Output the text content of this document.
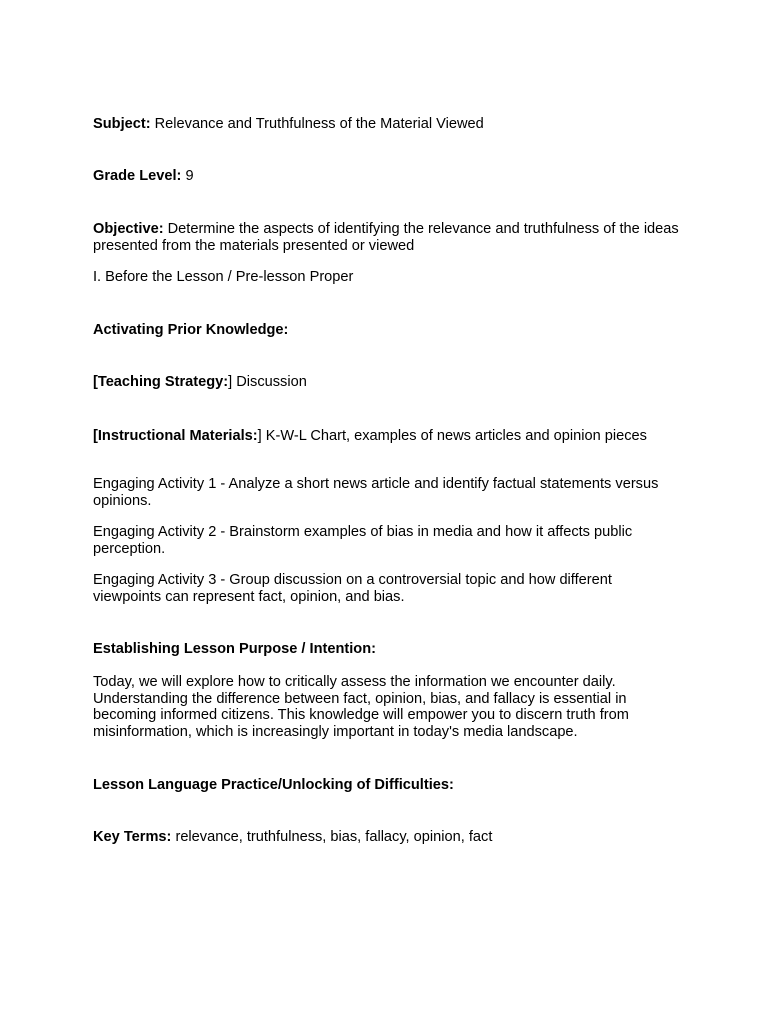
Subject: Relevance and Truthfulness of the Material Viewed

Grade Level: 9

Objective: Determine the aspects of identifying the relevance and truthfulness of the ideas presented from the materials presented or viewed

I. Before the Lesson / Pre-lesson Proper

Activating Prior Knowledge:

[Teaching Strategy:] Discussion

[Instructional Materials:] K-W-L Chart, examples of news articles and opinion pieces

Engaging Activity 1 - Analyze a short news article and identify factual statements versus opinions.

Engaging Activity 2 - Brainstorm examples of bias in media and how it affects public perception.

Engaging Activity 3 - Group discussion on a controversial topic and how different viewpoints can represent fact, opinion, and bias.

Establishing Lesson Purpose / Intention:

Today, we will explore how to critically assess the information we encounter daily. Understanding the difference between fact, opinion, bias, and fallacy is essential in becoming informed citizens. This knowledge will empower you to discern truth from misinformation, which is increasingly important in today's media landscape.

Lesson Language Practice/Unlocking of Difficulties:

Key Terms: relevance, truthfulness, bias, fallacy, opinion, fact
